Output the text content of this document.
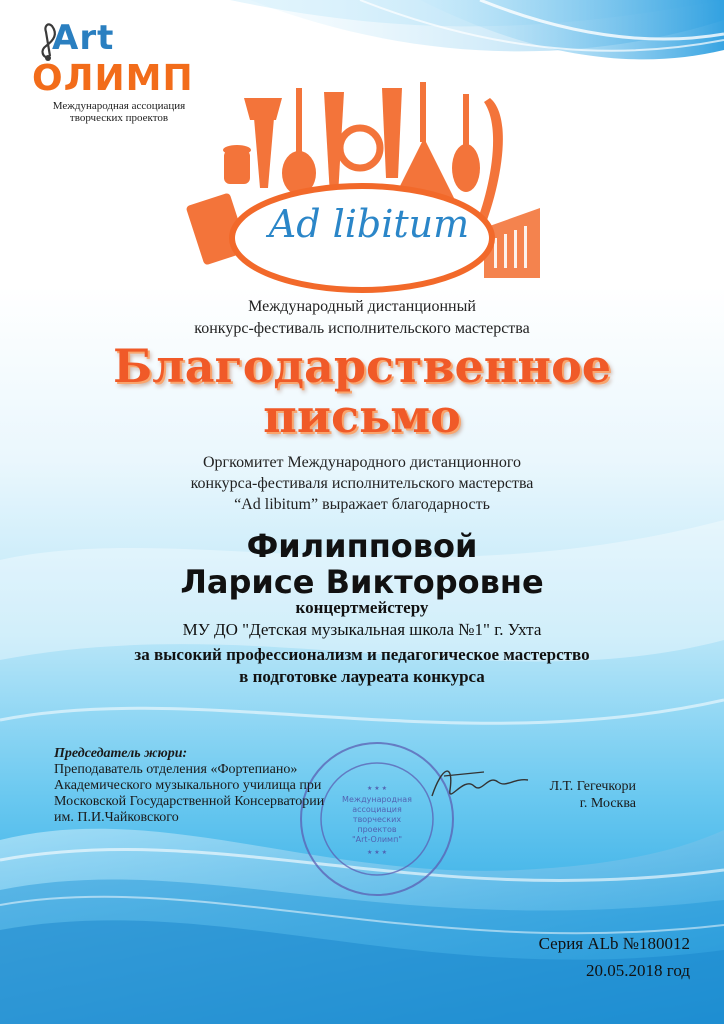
Art
ОЛИМП
Международная ассоциация
творческих проектов
Ad libitum
Международный дистанционный
конкурс-фестиваль исполнительского мастерства
Благодарственное
письмо
Оргкомитет Международного дистанционного
конкурса-фестиваля исполнительского мастерства
“Ad libitum” выражает благодарность
Филипповой
Ларисе Викторовне
концертмейстеру
МУ ДО "Детская музыкальная школа №1" г. Ухта
за высокий профессионализм и педагогическое мастерство
в подготовке лауреата конкурса
★ ★ ★
Международная
ассоциация
творческих
проектов
"Art-Олимп"
★ ★ ★
Председатель жюри:
Преподаватель отделения «Фортепиано»
Академического музыкального училища при
Московской Государственной Консерватории
им. П.И.Чайковского
Л.Т. Гегечкори
г. Москва
Серия ALb №180012
20.05.2018 год
